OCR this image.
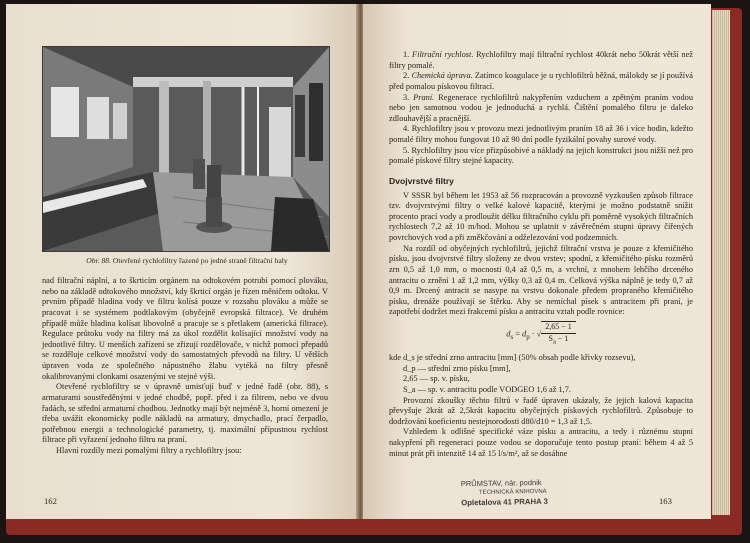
Obr. 88. Otevřené rychlofiltry řazené po jedné straně filtrační haly

nad filtrační náplní, a to škrticím orgánem na odtokovém potrubí pomocí plováku, nebo na základě odtokového množství, kdy škrticí orgán je řízen měničem odtoku. V prvním případě hladina vody ve filtru kolísá pouze v rozsahu plováku a může se pracovat i se systémem podtlakovým (obyčejně evropská filtrace). Ve druhém případě může hladina kolísat libovolně a pracuje se s přetlakem (americká filtrace). Regulace průtoku vody na filtry má za úkol rozdělit kolísající množství vody na jednotlivé filtry. U menších zařízení se zřizují rozdělovače, v nichž pomocí přepadů se rozděluje celkové množství vody do samostatných převodů na filtry. U větších úpraven voda ze společného nápustného žlabu vytéká na filtry přesně okalibrovanými clonkami osazenými ve stejné výši.

Otevřené rychlofiltry se v úpravně umisťují buď v jedné řadě (obr. 88), s armaturami soustředěnými v jedné chodbě, popř. před i za filtrem, nebo ve dvou řadách, se střední armaturní chodbou. Jednotky mají být nejméně 3, horní omezení je třeba uvážit ekonomicky podle nákladů na armatury, dmychadlo, prací čerpadlo, potřebnou energii a technologické parametry, tj. maximální přípustnou rychlost filtrace při vyřazení jednoho filtru na praní.

Hlavní rozdíly mezi pomalými filtry a rychlofiltry jsou:

162

1. Filtrační rychlost. Rychlofiltry mají filtrační rychlost 40krát nebo 50krát větší než filtry pomalé.

2. Chemická úprava. Zatímco koagulace je u rychlofiltrů běžná, málokdy se jí používá před pomalou pískovou filtrací.

3. Praní. Regenerace rychlofiltrů nakypřením vzduchem a zpětným praním vodou nebo jen samotnou vodou je jednoduchá a rychlá. Čištění pomalého filtru je daleko zdlouhavější a pracnější.

4. Rychlofiltry jsou v provozu mezi jednotlivým praním 18 až 36 i více hodin, kdežto pomalé filtry mohou fungovat 10 až 90 dní podle fyzikální povahy surové vody.

5. Rychlofiltry jsou více přizpůsobivé a nákladý na jejich konstrukci jsou nižší než pro pomalé pískové filtry stejné kapacity.

Dvojvrstvé filtry

V SSSR byl během let 1953 až 56 rozpracován a provozně vyzkoušen způsob filtrace tzv. dvojvrstvými filtry o velké kalové kapacitě, kterými je možno podstatně snížit procento prací vody a prodloužit délku filtračního cyklu při poměrně vysokých filtračních rychlostech 7,2 až 10 m/hod. Mohou se uplatnit v závěrečném stupni úpravy čiřených povrchových vod a při změkčování a odželezování vod podzemních.

Na rozdíl od obyčejných rychlofiltrů, jejichž filtrační vrstva je pouze z křemičitého písku, jsou dvojvrstvé filtry složeny ze dvou vrstev; spodní, z křemičitého písku rozměrů zrn 0,5 až 1,0 mm, o mocnosti 0,4 až 0,5 m, a vrchní, z mnohem lehčího drceného antracitu o zrnění 1 až 1,2 mm, výšky 0,3 až 0,4 m. Celková výška náplně je tedy 0,7 až 0,9 m. Drcený antracit se nasype na vrstvu dokonale předem propraného křemičitého písku, drenáže používají se štěrku. Aby se nemíchal písek s antracitem při praní, je zapotřebí dodržet mezi frakcemi písku a antracitu vztah podle rovnice:

$d_s = d_p$ · √ $\frac{2,65 - 1}{S_a - 1}$

kde d_s je střední zrno antracitu [mm] (50% obsah podle křivky rozsevu),

d_p — střední zrno písku [mm],

2,65 — sp. v. písku,

S_a — sp. v. antracitu podle VODGEO 1,6 až 1,7.

Provozní zkoušky těchto filtrů v řadě úpraven ukázaly, že jejich kalová kapacita převyšuje 2krát až 2,5krát kapacitu obyčejných pískových rychlofiltrů. Způsobuje to dodržování koeficientu nestejnorodosti d80/d10 = 1,3 až 1,5.

Vzhledem k odlišné specifické váze písku a antracitu, a tedy i různému stupni nakypření při regeneraci pouze vodou se doporučuje tento postup praní: během 4 až 5 minut prát při intenzitě 14 až 15 l/s/m², až se dosáhne

PRŮMSTAV, nár. podnik
TECHNICKÁ KNIHOVNA
Opletalova 41 PRAHA 3	163
